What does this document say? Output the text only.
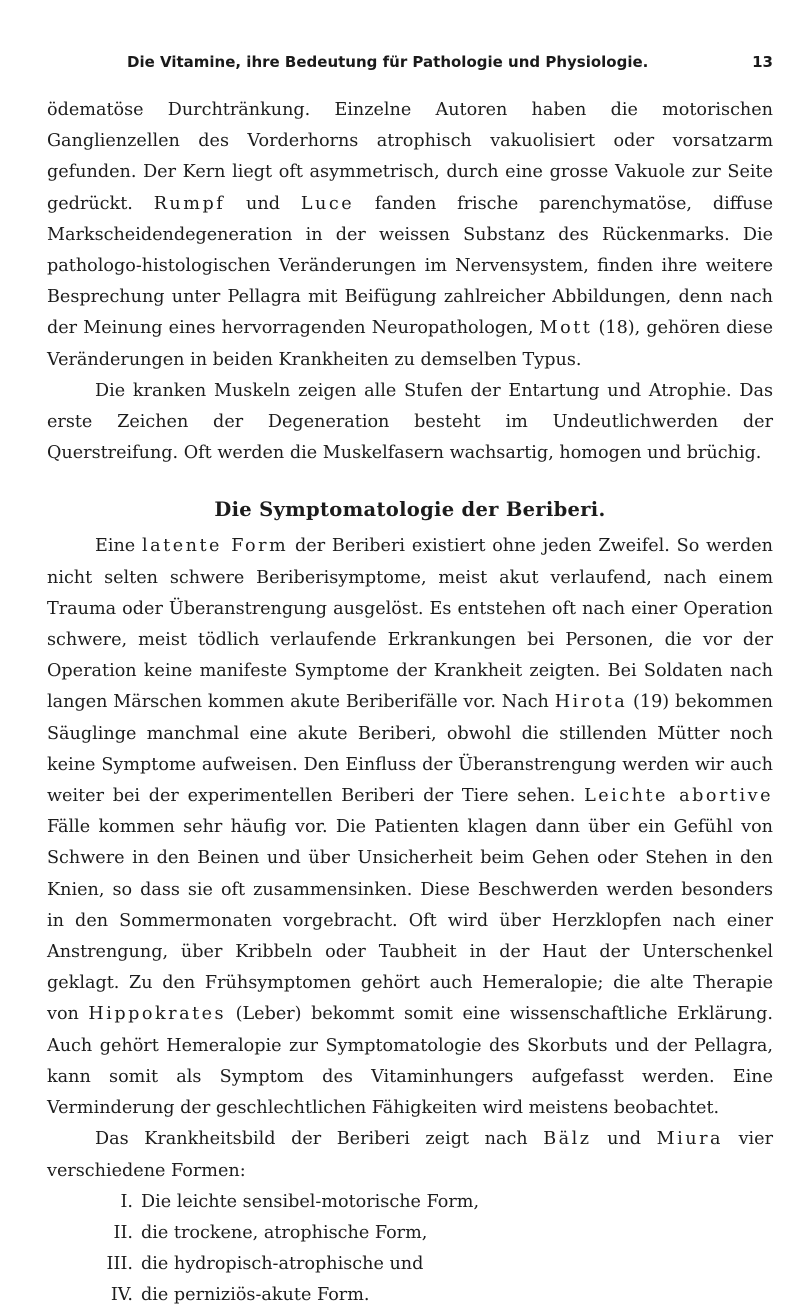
Die Vitamine, ihre Bedeutung für Pathologie und Physiologie.	13

ödematöse Durchtränkung. Einzelne Autoren haben die motorischen Ganglienzellen des Vorderhorns atrophisch vakuolisiert oder vorsatzarm gefunden. Der Kern liegt oft asymmetrisch, durch eine grosse Vakuole zur Seite gedrückt. Rumpf und Luce fanden frische parenchymatöse, diffuse Markscheidendegeneration in der weissen Substanz des Rückenmarks. Die pathologo-histologischen Veränderungen im Nervensystem, finden ihre weitere Besprechung unter Pellagra mit Beifügung zahlreicher Abbildungen, denn nach der Meinung eines hervorragenden Neuropathologen, Mott (18), gehören diese Veränderungen in beiden Krankheiten zu demselben Typus.

Die kranken Muskeln zeigen alle Stufen der Entartung und Atrophie. Das erste Zeichen der Degeneration besteht im Undeutlichwerden der Querstreifung. Oft werden die Muskelfasern wachsartig, homogen und brüchig.

Die Symptomatologie der Beriberi.

Eine latente Form der Beriberi existiert ohne jeden Zweifel. So werden nicht selten schwere Beriberisymptome, meist akut verlaufend, nach einem Trauma oder Überanstrengung ausgelöst. Es entstehen oft nach einer Operation schwere, meist tödlich verlaufende Erkrankungen bei Personen, die vor der Operation keine manifeste Symptome der Krankheit zeigten. Bei Soldaten nach langen Märschen kommen akute Beriberifälle vor. Nach Hirota (19) bekommen Säuglinge manchmal eine akute Beriberi, obwohl die stillenden Mütter noch keine Symptome aufweisen. Den Einfluss der Überanstrengung werden wir auch weiter bei der experimentellen Beriberi der Tiere sehen. Leichte abortive Fälle kommen sehr häufig vor. Die Patienten klagen dann über ein Gefühl von Schwere in den Beinen und über Unsicherheit beim Gehen oder Stehen in den Knien, so dass sie oft zusammensinken. Diese Beschwerden werden besonders in den Sommermonaten vorgebracht. Oft wird über Herzklopfen nach einer Anstrengung, über Kribbeln oder Taubheit in der Haut der Unterschenkel geklagt. Zu den Frühsymptomen gehört auch Hemeralopie; die alte Therapie von Hippokrates (Leber) bekommt somit eine wissenschaftliche Erklärung. Auch gehört Hemeralopie zur Symptomatologie des Skorbuts und der Pellagra, kann somit als Symptom des Vitaminhungers aufgefasst werden. Eine Verminderung der geschlechtlichen Fähigkeiten wird meistens beobachtet.

Das Krankheitsbild der Beriberi zeigt nach Bälz und Miura vier verschiedene Formen:

I. Die leichte sensibel-motorische Form,
II. die trockene, atrophische Form,
III. die hydropisch-atrophische und
IV. die perniziös-akute Form.
